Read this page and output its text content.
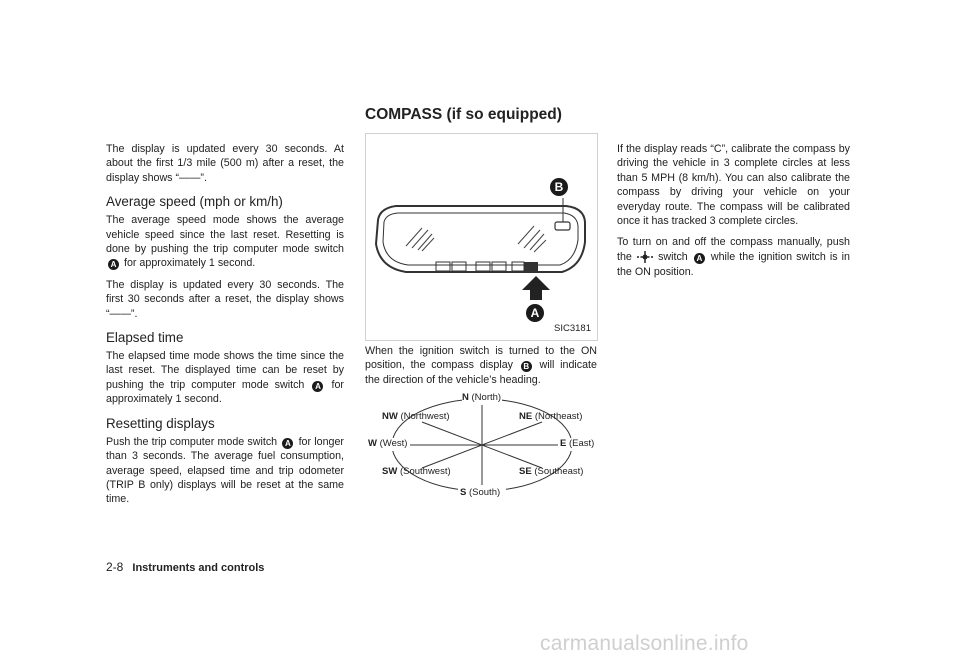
COMPASS (if so equipped)

The display is updated every 30 seconds. At about the first 1/3 mile (500 m) after a reset, the display shows “——”.

Average speed (mph or km/h)

The average speed mode shows the average vehicle speed since the last reset. Resetting is done by pushing the trip computer mode switch A for approximately 1 second.

The display is updated every 30 seconds. The first 30 seconds after a reset, the display shows “——”.

Elapsed time

The elapsed time mode shows the time since the last reset. The displayed time can be reset by pushing the trip computer mode switch A for approximately 1 second.

Resetting displays

Push the trip computer mode switch A for longer than 3 seconds. The average fuel consumption, average speed, elapsed time and trip odometer (TRIP B only) displays will be reset at the same time.

B
A
SIC3181

When the ignition switch is turned to the ON position, the compass display B will indicate the direction of the vehicle’s heading.

N (North)
NE (Northeast)
E (East)
SE (Southeast)
S (South)
SW (Southwest)
W (West)
NW (Northwest)

If the display reads “C”, calibrate the compass by driving the vehicle in 3 complete circles at less than 5 MPH (8 km/h). You can also calibrate the compass by driving your vehicle on your everyday route. The compass will be calibrated once it has tracked 3 complete circles.

To turn on and off the compass manually, push the switch A while the ignition switch is in the ON position.

2-8 Instruments and controls
carmanualsonline.info
